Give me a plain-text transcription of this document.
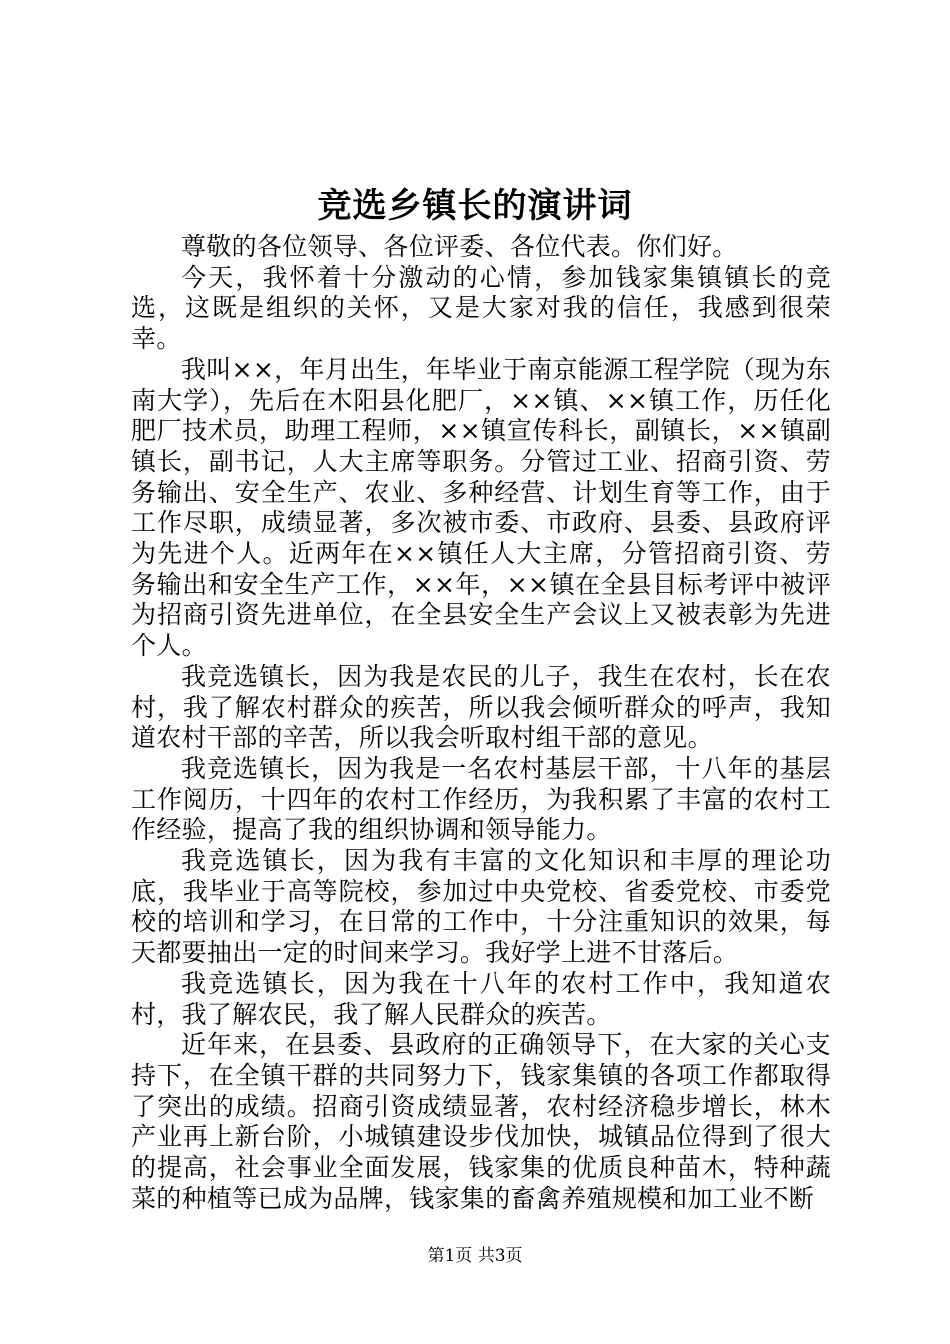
竞选乡镇长的演讲词

尊敬的各位领导、各位评委、各位代表。你们好。

今天，我怀着十分激动的心情，参加钱家集镇镇长的竞选，这既是组织的关怀，又是大家对我的信任，我感到很荣幸。

我叫××，年月出生，年毕业于南京能源工程学院（现为东南大学），先后在木阳县化肥厂，××镇、××镇工作，历任化肥厂技术员，助理工程师，××镇宣传科长，副镇长，××镇副镇长，副书记，人大主席等职务。分管过工业、招商引资、劳务输出、安全生产、农业、多种经营、计划生育等工作，由于工作尽职，成绩显著，多次被市委、市政府、县委、县政府评为先进个人。近两年在××镇任人大主席，分管招商引资、劳务输出和安全生产工作，××年，××镇在全县目标考评中被评为招商引资先进单位，在全县安全生产会议上又被表彰为先进个人。

我竞选镇长，因为我是农民的儿子，我生在农村，长在农村，我了解农村群众的疾苦，所以我会倾听群众的呼声，我知道农村干部的辛苦，所以我会听取村组干部的意见。

我竞选镇长，因为我是一名农村基层干部，十八年的基层工作阅历，十四年的农村工作经历，为我积累了丰富的农村工作经验，提高了我的组织协调和领导能力。

我竞选镇长，因为我有丰富的文化知识和丰厚的理论功底，我毕业于高等院校，参加过中央党校、省委党校、市委党校的培训和学习，在日常的工作中，十分注重知识的效果，每天都要抽出一定的时间来学习。我好学上进不甘落后。

我竞选镇长，因为我在十八年的农村工作中，我知道农村，我了解农民，我了解人民群众的疾苦。

近年来，在县委、县政府的正确领导下，在大家的关心支持下，在全镇干群的共同努力下，钱家集镇的各项工作都取得了突出的成绩。招商引资成绩显著，农村经济稳步增长，林木产业再上新台阶，小城镇建设步伐加快，城镇品位得到了很大的提高，社会事业全面发展，钱家集的优质良种苗木，特种蔬菜的种植等已成为品牌，钱家集的畜禽养殖规模和加工业不断

第1页 共3页
